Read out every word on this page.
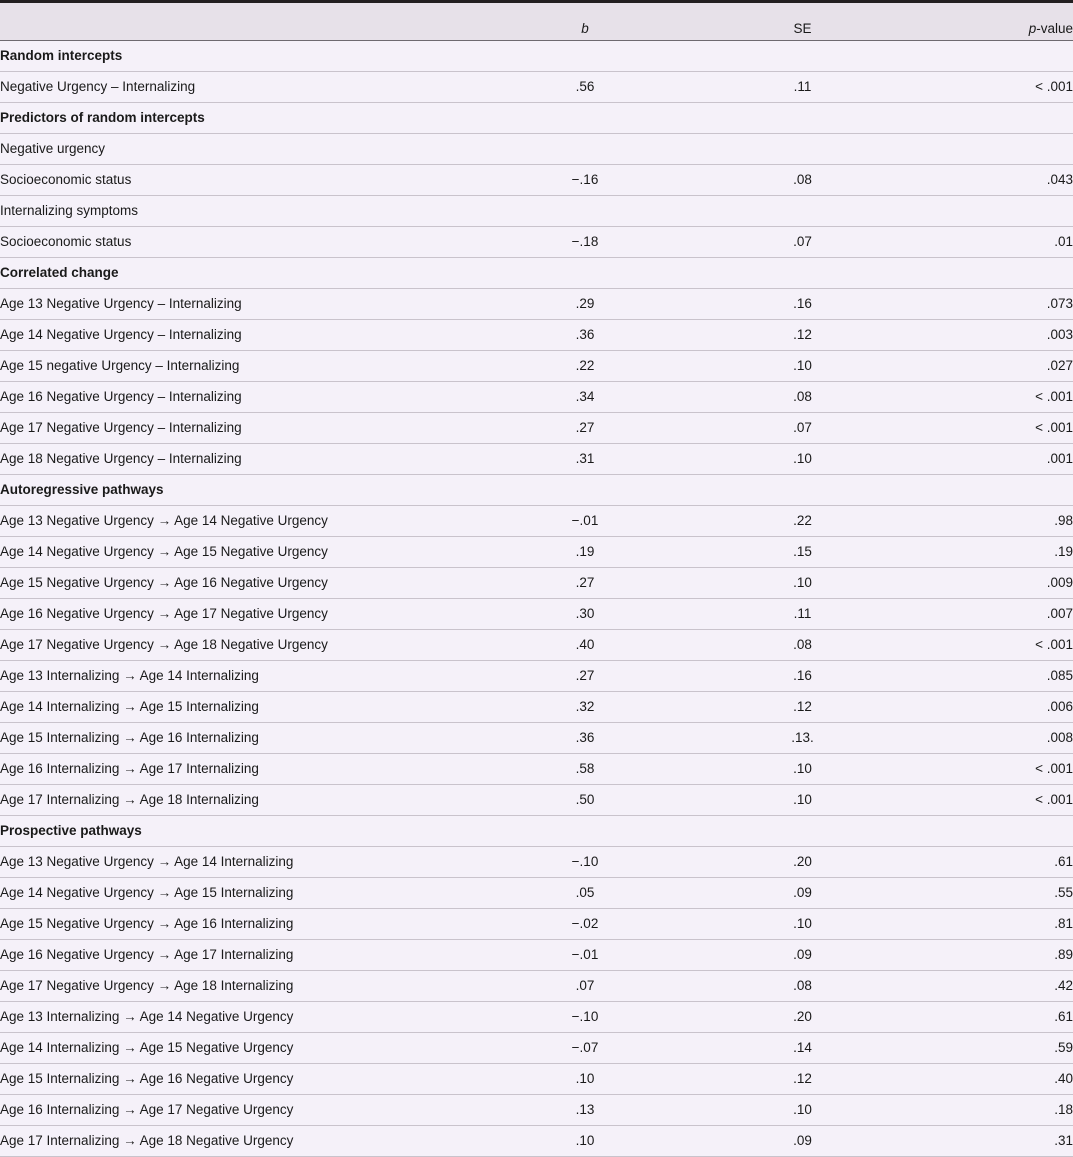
	b	SE	p-value
Random intercepts			
Negative Urgency – Internalizing	.56	.11	< .001
Predictors of random intercepts			
Negative urgency			
Socioeconomic status	−.16	.08	.043
Internalizing symptoms			
Socioeconomic status	−.18	.07	.01
Correlated change			
Age 13 Negative Urgency – Internalizing	.29	.16	.073
Age 14 Negative Urgency – Internalizing	.36	.12	.003
Age 15 negative Urgency – Internalizing	.22	.10	.027
Age 16 Negative Urgency – Internalizing	.34	.08	< .001
Age 17 Negative Urgency – Internalizing	.27	.07	< .001
Age 18 Negative Urgency – Internalizing	.31	.10	.001
Autoregressive pathways			
Age 13 Negative Urgency → Age 14 Negative Urgency	−.01	.22	.98
Age 14 Negative Urgency → Age 15 Negative Urgency	.19	.15	.19
Age 15 Negative Urgency → Age 16 Negative Urgency	.27	.10	.009
Age 16 Negative Urgency → Age 17 Negative Urgency	.30	.11	.007
Age 17 Negative Urgency → Age 18 Negative Urgency	.40	.08	< .001
Age 13 Internalizing → Age 14 Internalizing	.27	.16	.085
Age 14 Internalizing → Age 15 Internalizing	.32	.12	.006
Age 15 Internalizing → Age 16 Internalizing	.36	.13.	.008
Age 16 Internalizing → Age 17 Internalizing	.58	.10	< .001
Age 17 Internalizing → Age 18 Internalizing	.50	.10	< .001
Prospective pathways			
Age 13 Negative Urgency → Age 14 Internalizing	−.10	.20	.61
Age 14 Negative Urgency → Age 15 Internalizing	.05	.09	.55
Age 15 Negative Urgency → Age 16 Internalizing	−.02	.10	.81
Age 16 Negative Urgency → Age 17 Internalizing	−.01	.09	.89
Age 17 Negative Urgency → Age 18 Internalizing	.07	.08	.42
Age 13 Internalizing → Age 14 Negative Urgency	−.10	.20	.61
Age 14 Internalizing → Age 15 Negative Urgency	−.07	.14	.59
Age 15 Internalizing → Age 16 Negative Urgency	.10	.12	.40
Age 16 Internalizing → Age 17 Negative Urgency	.13	.10	.18
Age 17 Internalizing → Age 18 Negative Urgency	.10	.09	.31
